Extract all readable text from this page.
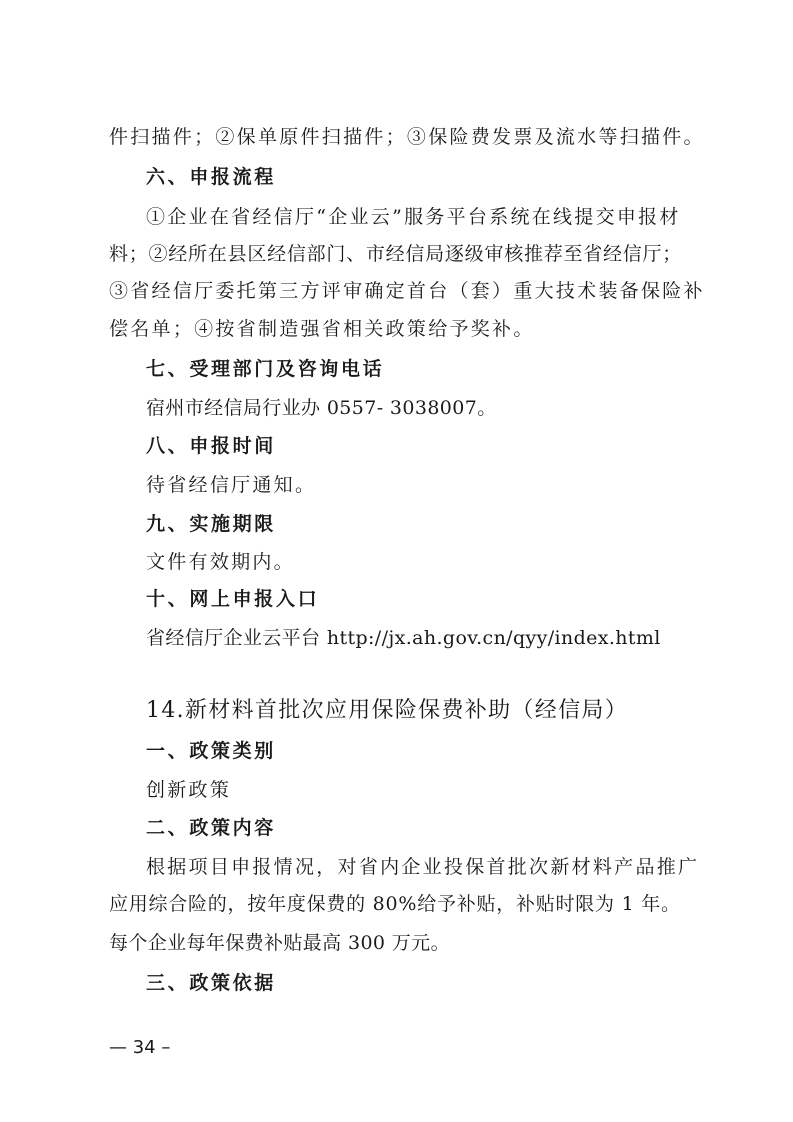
件扫描件；②保单原件扫描件；③保险费发票及流水等扫描件。

六、申报流程

①企业在省经信厅“企业云”服务平台系统在线提交申报材

料；②经所在县区经信部门、市经信局逐级审核推荐至省经信厅；

③省经信厅委托第三方评审确定首台（套）重大技术装备保险补

偿名单；④按省制造强省相关政策给予奖补。

七、受理部门及咨询电话

宿州市经信局行业办 0557- 3038007。

八、申报时间

待省经信厅通知。

九、实施期限

文件有效期内。

十、网上申报入口

省经信厅企业云平台 http://jx.ah.gov.cn/qyy/index.html

14.新材料首批次应用保险保费补助（经信局）

一、政策类别

创新政策

二、政策内容

根据项目申报情况，对省内企业投保首批次新材料产品推广

应用综合险的，按年度保费的 80%给予补贴，补贴时限为 1 年。

每个企业每年保费补贴最高 300 万元。

三、政策依据

— 34 –
